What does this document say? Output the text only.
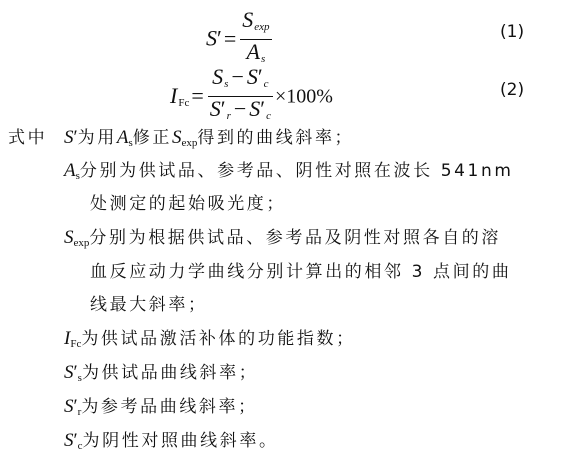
$S'= \frac{S_{exp}}{A_s}$	(1)
$I_{Fc}= \frac{S_s - S'_c}{S'_r - S'_c} \times 100\%$	(2)
式中 S′为用$A_s$修正$S_{exp}$得到的曲线斜率；
$A_s$分别为供试品、参考品、阴性对照在波长 541nm
处测定的起始吸光度；
$S_{exp}$分别为根据供试品、参考品及阴性对照各自的溶
血反应动力学曲线分别计算出的相邻 3 点间的曲
线最大斜率；
$I_{Fc}$为供试品激活补体的功能指数；
$S'_s$为供试品曲线斜率；
$S'_r$为参考品曲线斜率；
$S'_c$为阴性对照曲线斜率。
